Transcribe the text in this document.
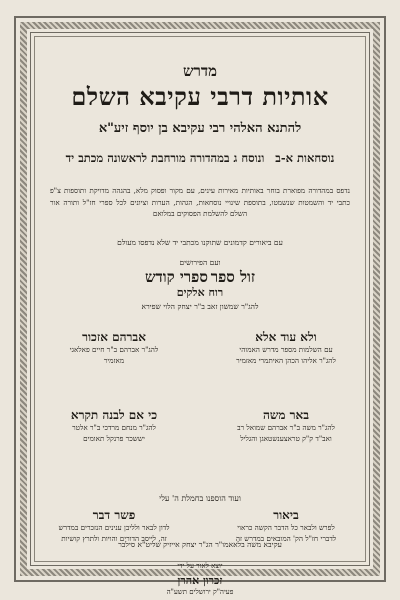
מדרש
אותיות דרבי עקיבא השלם
להתנא האלהי רבי עקיבא בן יוסף זיע"א
נוסחאות א-ב   ונוסח ג במהדורה מורחבת לראשונה מכתב יד
נדפס במהדורה מפוארת בוחר באותיות מאירות עינים, עם מקור ופסוק מלא, בהגהה מדויקת ותוספות צ"פ כתבי יד והשמטות שנשמטו, בתוספת שינויי נוסחאות, הגהות, הערות וציונים לכל ספרי חז"ל ותורה אור השלם להשלמת הפסוקים במלואם
עם ביאורים קדמונים שתוקנו מכתבי יד שלא נדפסו מעולם
ועם הפירושים
זול ספר ספרי קודש
רוח אלקים
להג"ר שמשון זאב ב"ר יצחק הלוי שפירא
ולא עוד אלא
עם השלמות מספר מדרש האמוהי
להג"ר אליהו הכהן האיתמרי מאזמיר
אברהם אזכור
להג"ר אברהם ב"ר חיים פאלאגי
מאזמיר
באר משה
להג"ר משה ב"ר אברהם שמואל רב
ואב"ד ק"ק טראצענשטאגן והגליל
כי אם לבנה תקרא
להג"ר מנחם מרדכי ב"ר אלטר
יששכר פרנקל תאומים
ועוד הוספנו בחמלת ה' עלי
ביאור
לפרש ולבאר כל הדבר הקשה כראוי
לדברי חז"ל הק' המובאים במדרש זה
פשר דבר
לדון לבאר ולליבן ענינים הנזכרים במדרש
זה, לייסב הדורים והויות ולתרץ קושיות
עקיבא משה בלאאמו"ר הג"ר יצחק אייזיק שליט"א סילבר
יוצא לאור על ידי
זכרון אהרן
פעיה"ק ירושלים תשע"ה
